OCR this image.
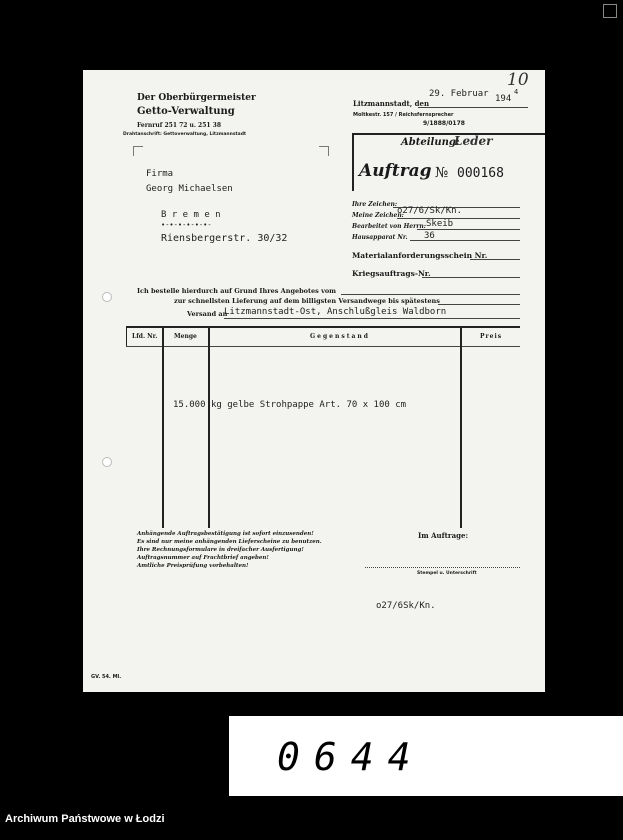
Der Oberbürgermeister
Getto-Verwaltung
Fernruf 251 72 u. 251 38
Drahtanschrift: Gettoverwaltung, Litzmannstadt
Litzmannstadt, den
29. Februar 194
4
Moltkestr. 157 / Reichsfernsprecher
9/1888/0178
10
Abteilung:
Leder
Auftrag № 000168
Firma
Georg Michaelsen
B r e m e n
•-•-•-•-•-•-
Riensbergerstr. 30/32
Ihre Zeichen:
Meine Zeichen:
o27/6/Sk/Kn.
Bearbeitet von Herrn: Skeib
Hausapparat Nr. 36
Materialanforderungsschein Nr.
Kriegsauftrags-Nr.
Ich bestelle hierdurch auf Grund Ihres Angebotes vom
zur schnellsten Lieferung auf dem billigsten Versandwege bis spätestens
Versand an
Litzmannstadt-Ost, Anschlußgleis Waldborn
Lfd. Nr.	Menge	Gegenstand	Preis
15.000 kg gelbe Strohpappe Art. 70 x 100 cm
Anhängende Auftragsbestätigung ist sofort einzusenden!
Es sind nur meine anhängenden Lieferscheine zu benutzen.
Ihre Rechnungsformulare in dreifacher Ausfertigung!
Auftragsnummer auf Frachtbrief angeben!
Amtliche Preisprüfung vorbehalten!
Im Auftrage:
Stempel u. Unterschrift
o27/6Sk/Kn.
GV. 54. Ml.
0644
Archiwum Państwowe w Łodzi
